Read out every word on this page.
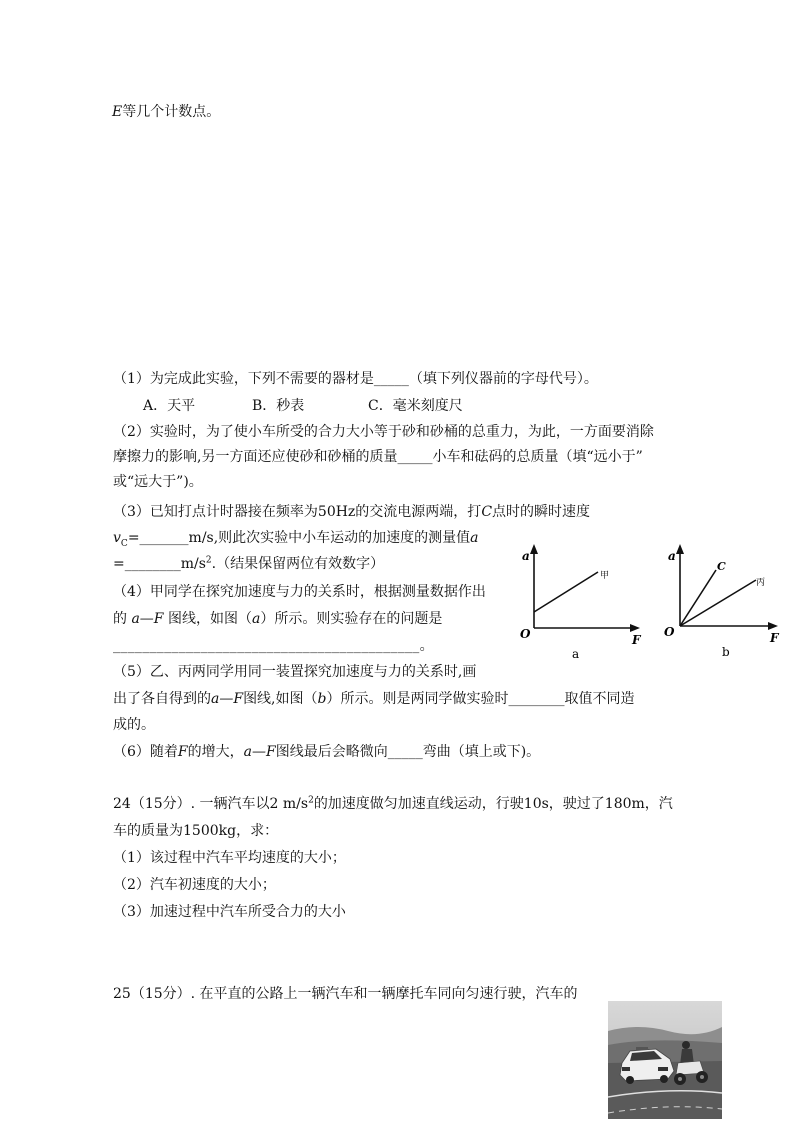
E等几个计数点。
（1）为完成此实验，下列不需要的器材是_____（填下列仪器前的字母代号）。
A．天平	B．秒表	C．毫米刻度尺
（2）实验时，为了使小车所受的合力大小等于砂和砂桶的总重力，为此，一方面要消除
摩擦力的影响,另一方面还应使砂和砂桶的质量_____小车和砝码的总质量（填“远小于”
或“远大于”)。
（3）已知打点计时器接在频率为50Hz的交流电源两端，打C点时的瞬时速度
$v_C=\_\_\_\_\_\_\_m/s$,则此次实验中小车运动的加速度的测量值a
$=\_\_\_\_\_\_\_\_m/s^2$.（结果保留两位有效数字）
（4）甲同学在探究加速度与力的关系时，根据测量数据作出
的 a—F 图线，如图（a）所示。则实验存在的问题是
__________________________________________。
（5）乙、丙两同学用同一装置探究加速度与力的关系时,画
出了各自得到的a—F图线,如图（b）所示。则是两同学做实验时________取值不同造
成的。
（6）随着F的增大，a—F图线最后会略微向_____弯曲（填上或下)。
24（15分）. 一辆汽车以2 $m/s^2$的加速度做匀加速直线运动，行驶10s，驶过了180m，汽
车的质量为1500kg，求：
（1）该过程中汽车平均速度的大小；
（2）汽车初速度的大小；
（3）加速过程中汽车所受合力的大小
25（15分）. 在平直的公路上一辆汽车和一辆摩托车同向匀速行驶，汽车的
a
F
O
甲
a
a
F
O
C
丙
b
